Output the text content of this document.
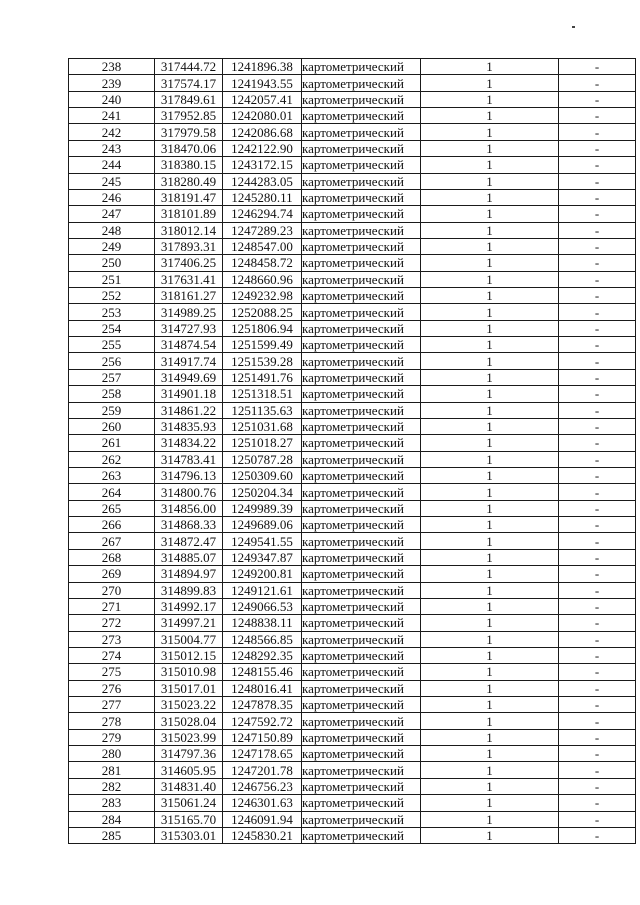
238	317444.72	1241896.38	картометрический	1	-
239	317574.17	1241943.55	картометрический	1	-
240	317849.61	1242057.41	картометрический	1	-
241	317952.85	1242080.01	картометрический	1	-
242	317979.58	1242086.68	картометрический	1	-
243	318470.06	1242122.90	картометрический	1	-
244	318380.15	1243172.15	картометрический	1	-
245	318280.49	1244283.05	картометрический	1	-
246	318191.47	1245280.11	картометрический	1	-
247	318101.89	1246294.74	картометрический	1	-
248	318012.14	1247289.23	картометрический	1	-
249	317893.31	1248547.00	картометрический	1	-
250	317406.25	1248458.72	картометрический	1	-
251	317631.41	1248660.96	картометрический	1	-
252	318161.27	1249232.98	картометрический	1	-
253	314989.25	1252088.25	картометрический	1	-
254	314727.93	1251806.94	картометрический	1	-
255	314874.54	1251599.49	картометрический	1	-
256	314917.74	1251539.28	картометрический	1	-
257	314949.69	1251491.76	картометрический	1	-
258	314901.18	1251318.51	картометрический	1	-
259	314861.22	1251135.63	картометрический	1	-
260	314835.93	1251031.68	картометрический	1	-
261	314834.22	1251018.27	картометрический	1	-
262	314783.41	1250787.28	картометрический	1	-
263	314796.13	1250309.60	картометрический	1	-
264	314800.76	1250204.34	картометрический	1	-
265	314856.00	1249989.39	картометрический	1	-
266	314868.33	1249689.06	картометрический	1	-
267	314872.47	1249541.55	картометрический	1	-
268	314885.07	1249347.87	картометрический	1	-
269	314894.97	1249200.81	картометрический	1	-
270	314899.83	1249121.61	картометрический	1	-
271	314992.17	1249066.53	картометрический	1	-
272	314997.21	1248838.11	картометрический	1	-
273	315004.77	1248566.85	картометрический	1	-
274	315012.15	1248292.35	картометрический	1	-
275	315010.98	1248155.46	картометрический	1	-
276	315017.01	1248016.41	картометрический	1	-
277	315023.22	1247878.35	картометрический	1	-
278	315028.04	1247592.72	картометрический	1	-
279	315023.99	1247150.89	картометрический	1	-
280	314797.36	1247178.65	картометрический	1	-
281	314605.95	1247201.78	картометрический	1	-
282	314831.40	1246756.23	картометрический	1	-
283	315061.24	1246301.63	картометрический	1	-
284	315165.70	1246091.94	картометрический	1	-
285	315303.01	1245830.21	картометрический	1	-
